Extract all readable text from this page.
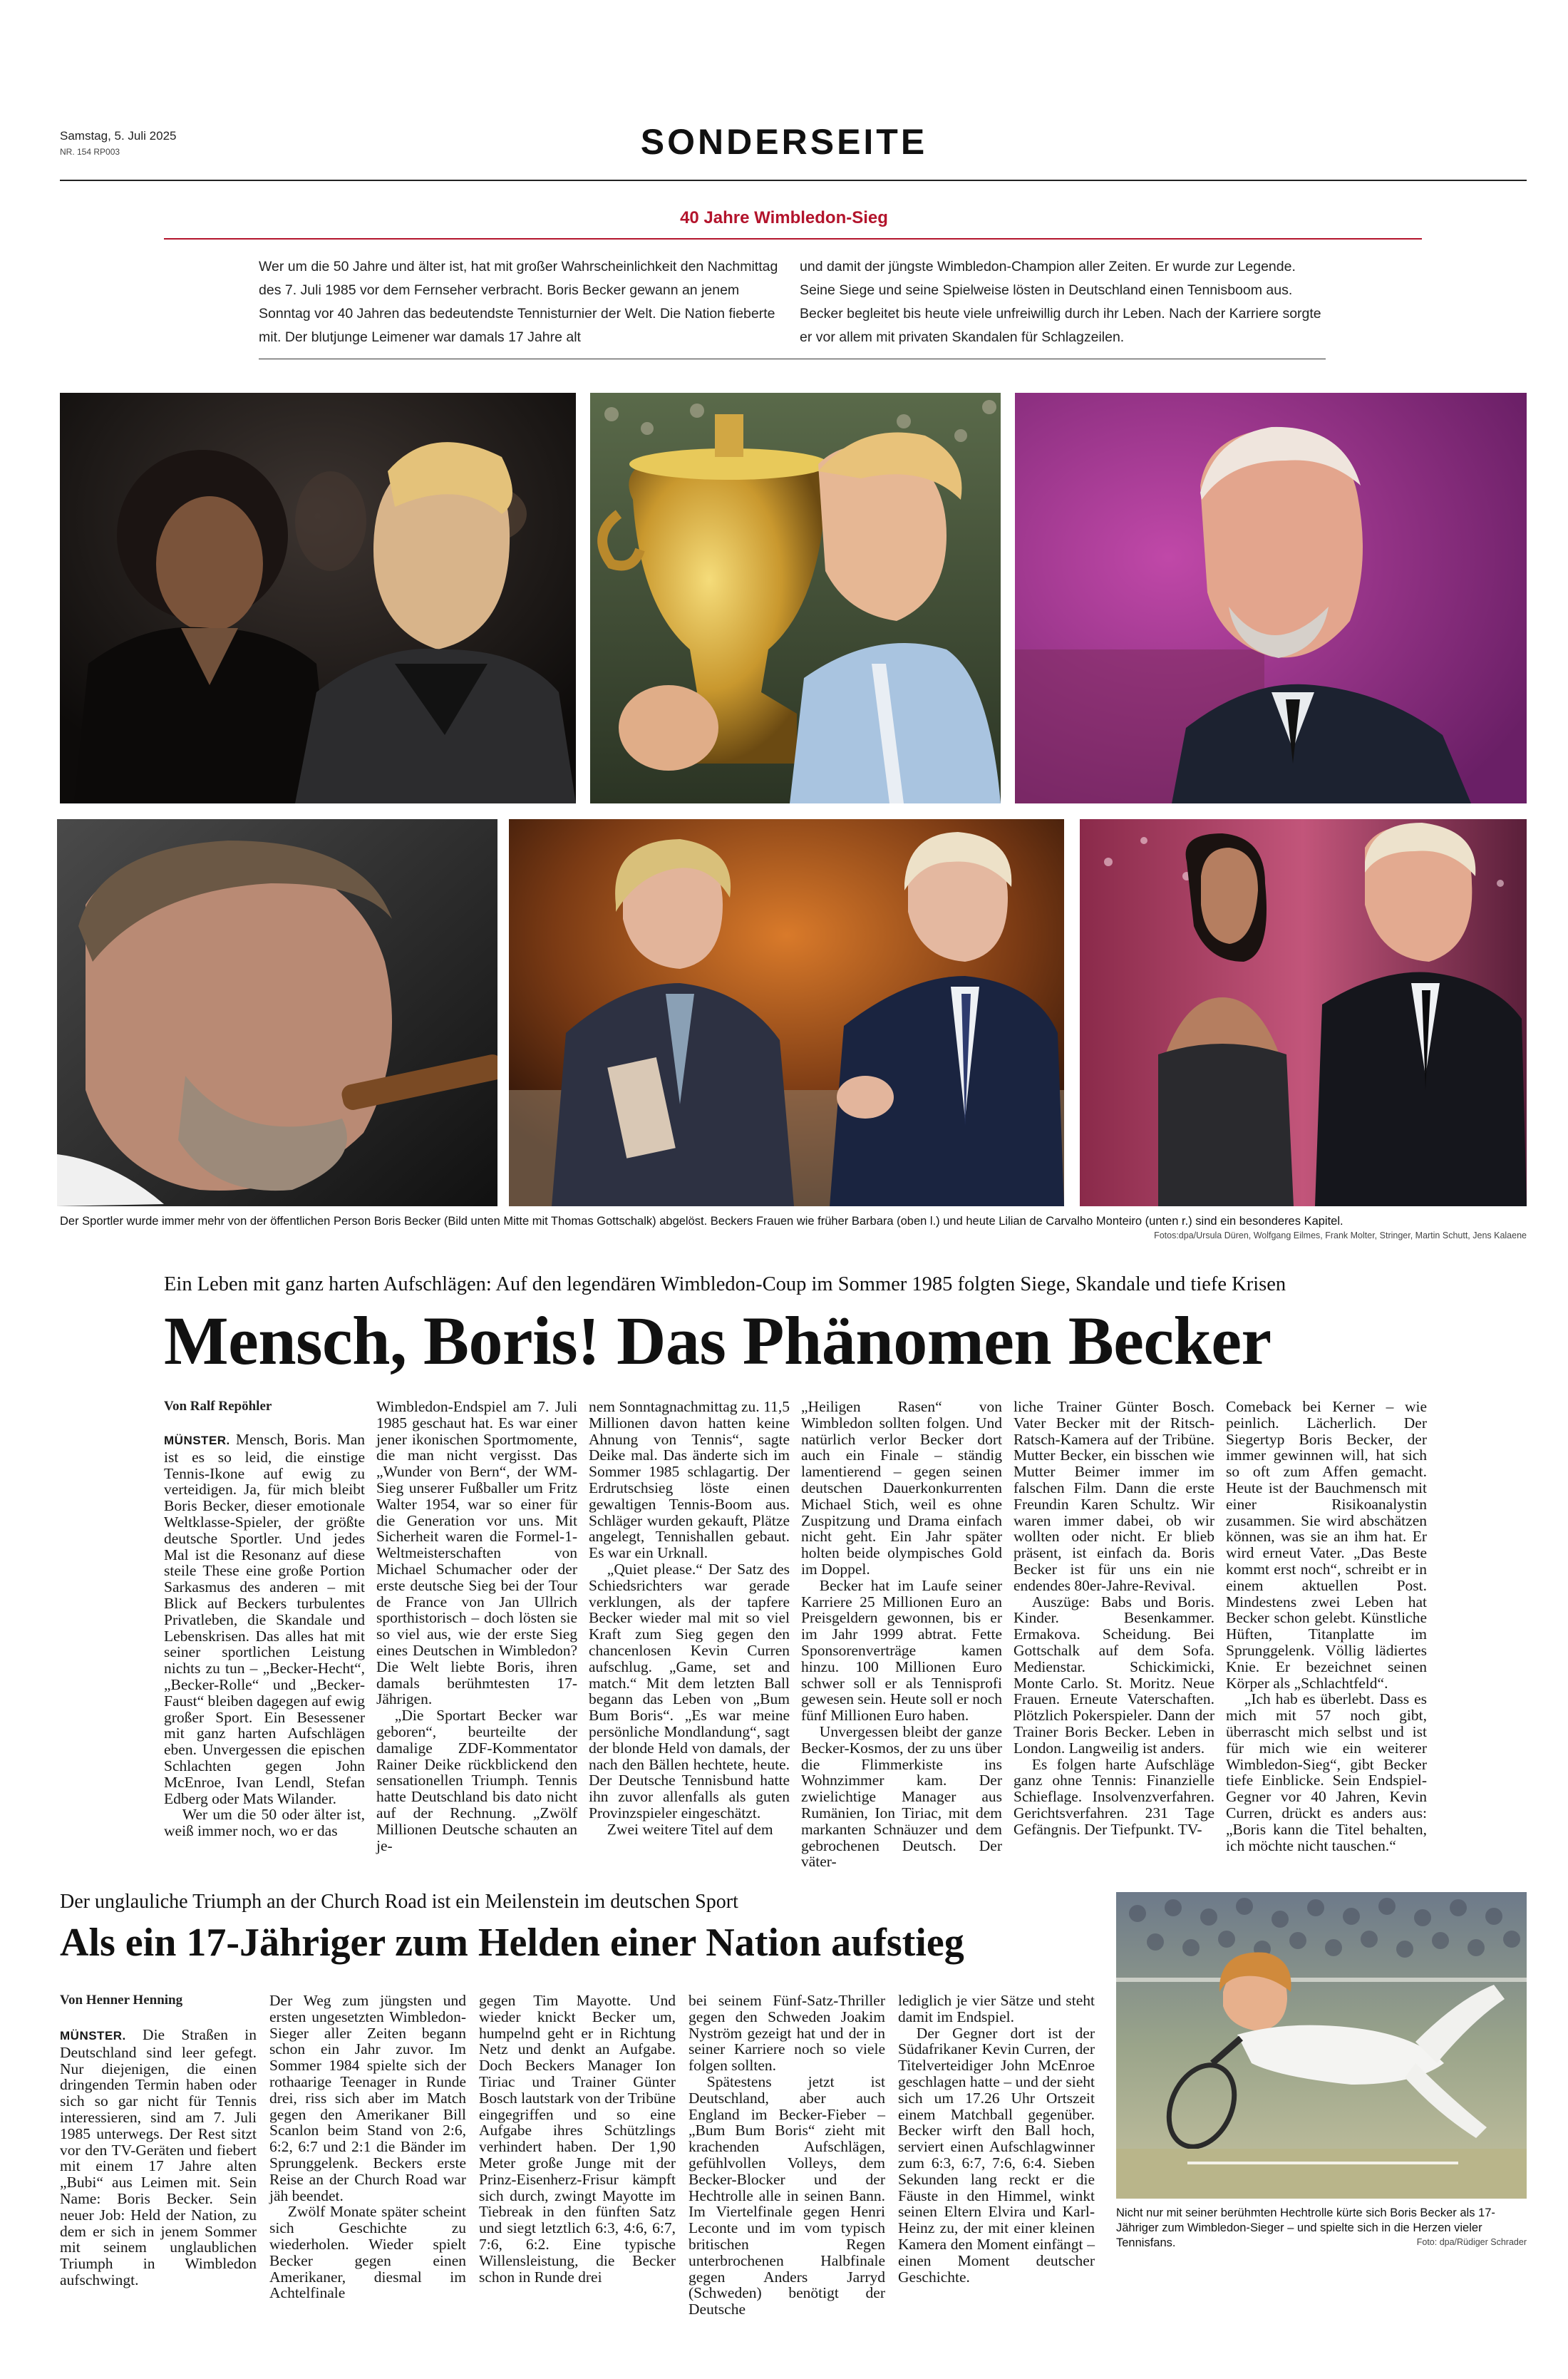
Samstag, 5. Juli 2025
NR. 154 RP003	SONDERSEITE
40 Jahre Wimbledon-Sieg
Wer um die 50 Jahre und älter ist, hat mit großer Wahrscheinlichkeit den Nachmittag des 7. Juli 1985 vor dem Fernseher verbracht. Boris Becker gewann an jenem Sonntag vor 40 Jahren das bedeutendste Tennisturnier der Welt. Die Nation fieberte mit. Der blutjunge Leimener war damals 17 Jahre alt
und damit der jüngste Wimbledon-Champion aller Zeiten. Er wurde zur Legende. Seine Siege und seine Spielweise lösten in Deutschland einen Tennisboom aus. Becker begleitet bis heute viele unfreiwillig durch ihr Leben. Nach der Karriere sorgte er vor allem mit privaten Skandalen für Schlagzeilen.
Der Sportler wurde immer mehr von der öffentlichen Person Boris Becker (Bild unten Mitte mit Thomas Gottschalk) abgelöst. Beckers Frauen wie früher Barbara (oben l.) und heute Lilian de Carvalho Monteiro (unten r.) sind ein besonderes Kapitel.
Fotos:dpa/Ursula Düren, Wolfgang Eilmes, Frank Molter, Stringer, Martin Schutt, Jens Kalaene
Ein Leben mit ganz harten Aufschlägen: Auf den legendären Wimbledon-Coup im Sommer 1985 folgten Siege, Skandale und tiefe Krisen
Mensch, Boris! Das Phänomen Becker
Von Ralf Repöhler

MÜNSTER. Mensch, Boris. Man ist es so leid, die einstige Tennis-Ikone auf ewig zu verteidigen. Ja, für mich bleibt Boris Becker, dieser emotionale Weltklasse-Spieler, der größte deutsche Sportler. Und jedes Mal ist die Resonanz auf diese steile These eine große Portion Sarkasmus des anderen – mit Blick auf Beckers turbulentes Privatleben, die Skandale und Lebenskrisen. Das alles hat mit seiner sportlichen Leistung nichts zu tun – „Becker-Hecht“, „Becker-Rolle“ und „Becker-Faust“ bleiben dagegen auf ewig großer Sport. Ein Besessener mit ganz harten Aufschlägen eben. Unvergessen die epischen Schlachten gegen John McEnroe, Ivan Lendl, Stefan Edberg oder Mats Wilander.

Wer um die 50 oder älter ist, weiß immer noch, wo er das

Wimbledon-Endspiel am 7. Juli 1985 geschaut hat. Es war einer jener ikonischen Sportmomente, die man nicht vergisst. Das „Wunder von Bern“, der WM-Sieg unserer Fußballer um Fritz Walter 1954, war so einer für die Generation vor uns. Mit Sicherheit waren die Formel-1-Weltmeisterschaften von Michael Schumacher oder der erste deutsche Sieg bei der Tour de France von Jan Ullrich sporthistorisch – doch lösten sie so viel aus, wie der erste Sieg eines Deutschen in Wimbledon? Die Welt liebte Boris, ihren damals berühmtesten 17-Jährigen.

„Die Sportart Becker war geboren“, beurteilte der damalige ZDF-Kommentator Rainer Deike rückblickend den sensationellen Triumph. Tennis hatte Deutschland bis dato nicht auf der Rechnung. „Zwölf Millionen Deutsche schauten an je-

nem Sonntagnachmittag zu. 11,5 Millionen davon hatten keine Ahnung von Tennis“, sagte Deike mal. Das änderte sich im Sommer 1985 schlagartig. Der Erdrutschsieg löste einen gewaltigen Tennis-Boom aus. Schläger wurden gekauft, Plätze angelegt, Tennishallen gebaut. Es war ein Urknall.

„Quiet please.“ Der Satz des Schiedsrichters war gerade verklungen, als der tapfere Becker wieder mal mit so viel Kraft zum Sieg gegen den chancenlosen Kevin Curren aufschlug. „Game, set and match.“ Mit dem letzten Ball begann das Leben von „Bum Bum Boris“. „Es war meine persönliche Mondlandung“, sagt der blonde Held von damals, der nach den Bällen hechtete, heute. Der Deutsche Tennisbund hatte ihn zuvor allenfalls als guten Provinzspieler eingeschätzt.

Zwei weitere Titel auf dem

„Heiligen Rasen“ von Wimbledon sollten folgen. Und natürlich verlor Becker dort auch ein Finale – ständig lamentierend – gegen seinen deutschen Dauerkonkurrenten Michael Stich, weil es ohne Zuspitzung und Drama einfach nicht geht. Ein Jahr später holten beide olympisches Gold im Doppel.

Becker hat im Laufe seiner Karriere 25 Millionen Euro an Preisgeldern gewonnen, bis er im Jahr 1999 abtrat. Fette Sponsorenverträge kamen hinzu. 100 Millionen Euro schwer soll er als Tennisprofi gewesen sein. Heute soll er noch fünf Millionen Euro haben.

Unvergessen bleibt der ganze Becker-Kosmos, der zu uns über die Flimmerkiste ins Wohnzimmer kam. Der zwielichtige Manager aus Rumänien, Ion Tiriac, mit dem markanten Schnäuzer und dem gebrochenen Deutsch. Der väter-

liche Trainer Günter Bosch. Vater Becker mit der Ritsch-Ratsch-Kamera auf der Tribüne. Mutter Becker, ein bisschen wie Mutter Beimer immer im falschen Film. Dann die erste Freundin Karen Schultz. Wir waren immer dabei, ob wir wollten oder nicht. Er blieb präsent, ist einfach da. Boris Becker ist für uns ein nie endendes 80er-Jahre-Revival.

Auszüge: Babs und Boris. Kinder. Besenkammer. Ermakova. Scheidung. Bei Gottschalk auf dem Sofa. Medienstar. Schickimicki, Monte Carlo. St. Moritz. Neue Frauen. Erneute Vaterschaften. Plötzlich Pokerspieler. Dann der Trainer Boris Becker. Leben in London. Langweilig ist anders.

Es folgen harte Aufschläge ganz ohne Tennis: Finanzielle Schieflage. Insolvenzverfahren. Gerichtsverfahren. 231 Tage Gefängnis. Der Tiefpunkt. TV-

Comeback bei Kerner – wie peinlich. Lächerlich. Der Siegertyp Boris Becker, der immer gewinnen will, hat sich so oft zum Affen gemacht. Heute ist der Bauchmensch mit einer Risikoanalystin zusammen. Sie wird abschätzen können, was sie an ihm hat. Er wird erneut Vater. „Das Beste kommt erst noch“, schreibt er in einem aktuellen Post. Mindestens zwei Leben hat Becker schon gelebt. Künstliche Hüften, Titanplatte im Sprunggelenk. Völlig lädiertes Knie. Er bezeichnet seinen Körper als „Schlachtfeld“.

„Ich hab es überlebt. Dass es mich mit 57 noch gibt, überrascht mich selbst und ist für mich wie ein weiterer Wimbledon-Sieg“, gibt Becker tiefe Einblicke. Sein Endspiel-Gegner vor 40 Jahren, Kevin Curren, drückt es anders aus: „Boris kann die Titel behalten, ich möchte nicht tauschen.“

Der unglauliche Triumph an der Church Road ist ein Meilenstein im deutschen Sport
Als ein 17-Jähriger zum Helden einer Nation aufstieg
Von Henner Henning

MÜNSTER. Die Straßen in Deutschland sind leer gefegt. Nur diejenigen, die einen dringenden Termin haben oder sich so gar nicht für Tennis interessieren, sind am 7. Juli 1985 unterwegs. Der Rest sitzt vor den TV-Geräten und fiebert mit einem 17 Jahre alten „Bubi“ aus Leimen mit. Sein Name: Boris Becker. Sein neuer Job: Held der Nation, zu dem er sich in jenem Sommer mit seinem unglaublichen Triumph in Wimbledon aufschwingt.

Der Weg zum jüngsten und ersten ungesetzten Wimbledon-Sieger aller Zeiten begann schon ein Jahr zuvor. Im Sommer 1984 spielte sich der rothaarige Teenager in Runde drei, riss sich aber im Match gegen den Amerikaner Bill Scanlon beim Stand von 2:6, 6:2, 6:7 und 2:1 die Bänder im Sprunggelenk. Beckers erste Reise an der Church Road war jäh beendet.

Zwölf Monate später scheint sich Geschichte zu wiederholen. Wieder spielt Becker gegen einen Amerikaner, diesmal im Achtelfinale

gegen Tim Mayotte. Und wieder knickt Becker um, humpelnd geht er in Richtung Netz und denkt an Aufgabe. Doch Beckers Manager Ion Tiriac und Trainer Günter Bosch lautstark von der Tribüne eingegriffen und so eine Aufgabe ihres Schützlings verhindert haben. Der 1,90 Meter große Junge mit der Prinz-Eisenherz-Frisur kämpft sich durch, zwingt Mayotte im Tiebreak in den fünften Satz und siegt letztlich 6:3, 4:6, 6:7, 7:6, 6:2. Eine typische Willensleistung, die Becker schon in Runde drei

bei seinem Fünf-Satz-Thriller gegen den Schweden Joakim Nyström gezeigt hat und der in seiner Karriere noch so viele folgen sollten.

Spätestens jetzt ist Deutschland, aber auch England im Becker-Fieber – „Bum Bum Boris“ zieht mit krachenden Aufschlägen, gefühlvollen Volleys, dem Becker-Blocker und der Hechtrolle alle in seinen Bann. Im Viertelfinale gegen Henri Leconte und im vom typisch britischen Regen unterbrochenen Halbfinale gegen Anders Jarryd (Schweden) benötigt der Deutsche

lediglich je vier Sätze und steht damit im Endspiel.

Der Gegner dort ist der Südafrikaner Kevin Curren, der Titelverteidiger John McEnroe geschlagen hatte – und der sieht sich um 17.26 Uhr Ortszeit einem Matchball gegenüber. Becker wirft den Ball hoch, serviert einen Aufschlagwinner zum 6:3, 6:7, 7:6, 6:4. Sieben Sekunden lang reckt er die Fäuste in den Himmel, winkt seinen Eltern Elvira und Karl-Heinz zu, der mit einer kleinen Kamera den Moment einfängt – einen Moment deutscher Geschichte.

Nicht nur mit seiner berühmten Hechtrolle kürte sich Boris Becker als 17-Jähriger zum Wimbledon-Sieger – und spielte sich in die Herzen vieler Tennisfans.	Foto: dpa/Rüdiger Schrader
